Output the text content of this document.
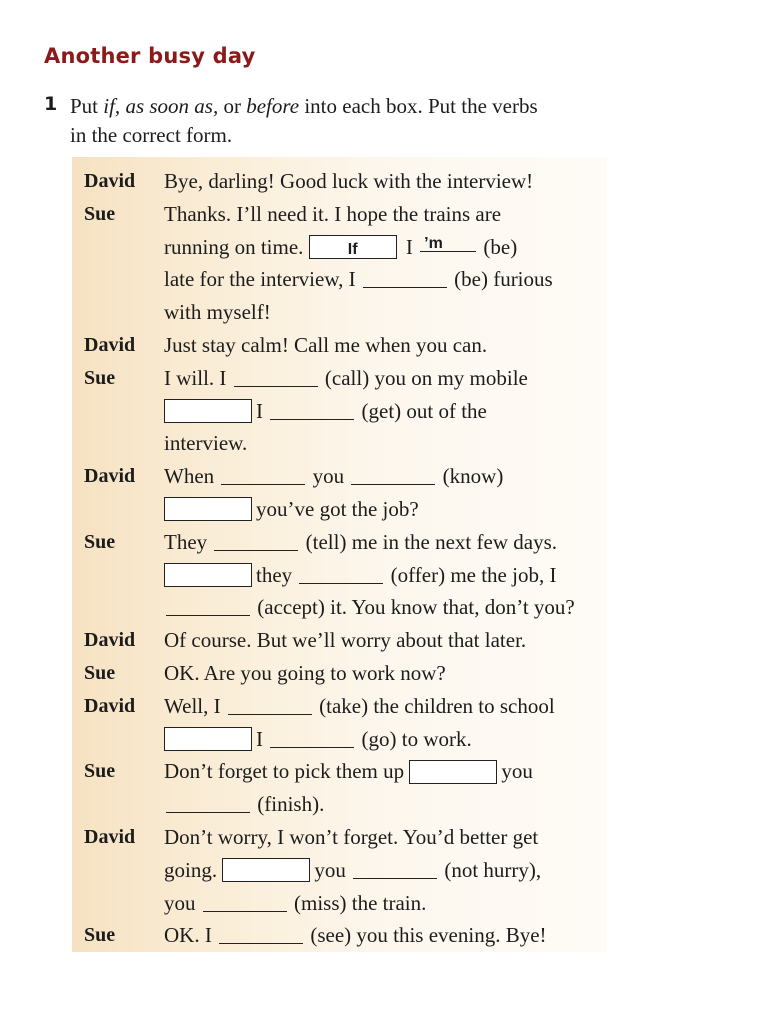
Another busy day
1 Put if, as soon as, or before into each box. Put the verbs
in the correct form.
David	Bye, darling! Good luck with the interview!
Sue	Thanks. I’ll need it. I hope the trains are
running on time. If I $^{’m}$ (be)
late for the interview, I	(be) furious
with myself!
David	Just stay calm! Call me when you can.
Sue	I will. I	(call) you on my mobile
I	(get) out of the
interview.
David	When	you	(know)
you’ve got the job?
Sue	They	(tell) me in the next few days.
they	(offer) me the job, I
(accept) it. You know that, don’t you?
David	Of course. But we’ll worry about that later.
Sue	OK. Are you going to work now?
David	Well, I	(take) the children to school
I	(go) to work.
Sue	Don’t forget to pick them up	you
(finish).
David	Don’t worry, I won’t forget. You’d better get
going.	you	(not hurry),
you	(miss) the train.
Sue	OK. I	(see) you this evening. Bye!
